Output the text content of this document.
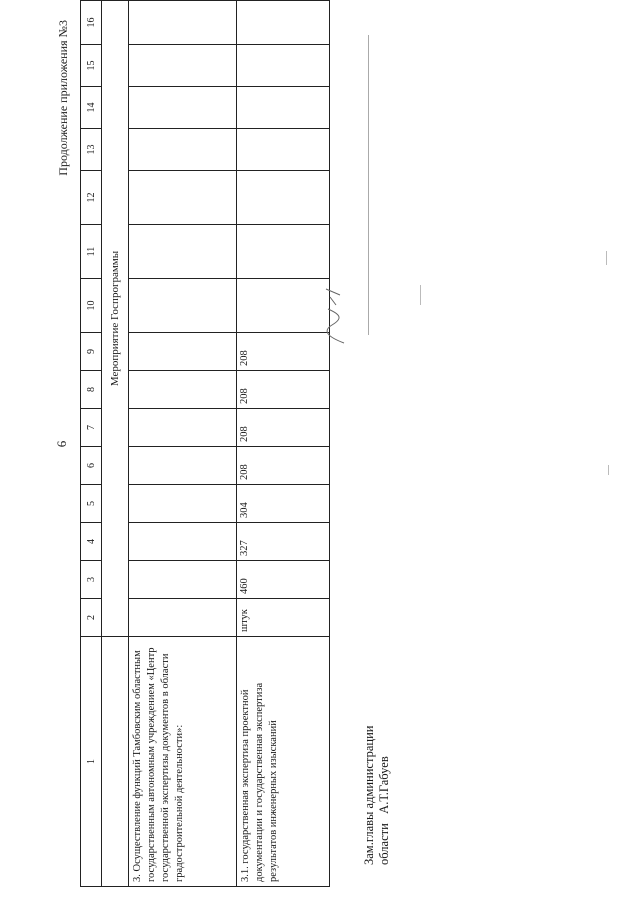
6
Продолжение приложения №3
1	2	3	4	5	6	7	8	9	10	11	12	13	14	15	16
	Мероприятие Госпрограммы														
3. Осуществление функций Тамбовским областным государственным автономным учреждением «Центр государственной экспертизы документов в области градостроительной деятельности»:															
3.1. государственная экспертиза проектной документации и государственная экспертиза результатов инженерных изысканий	штук	460	327	304	208	208	208	208							
Зам.главы администрации области   А.Т.Габуев
